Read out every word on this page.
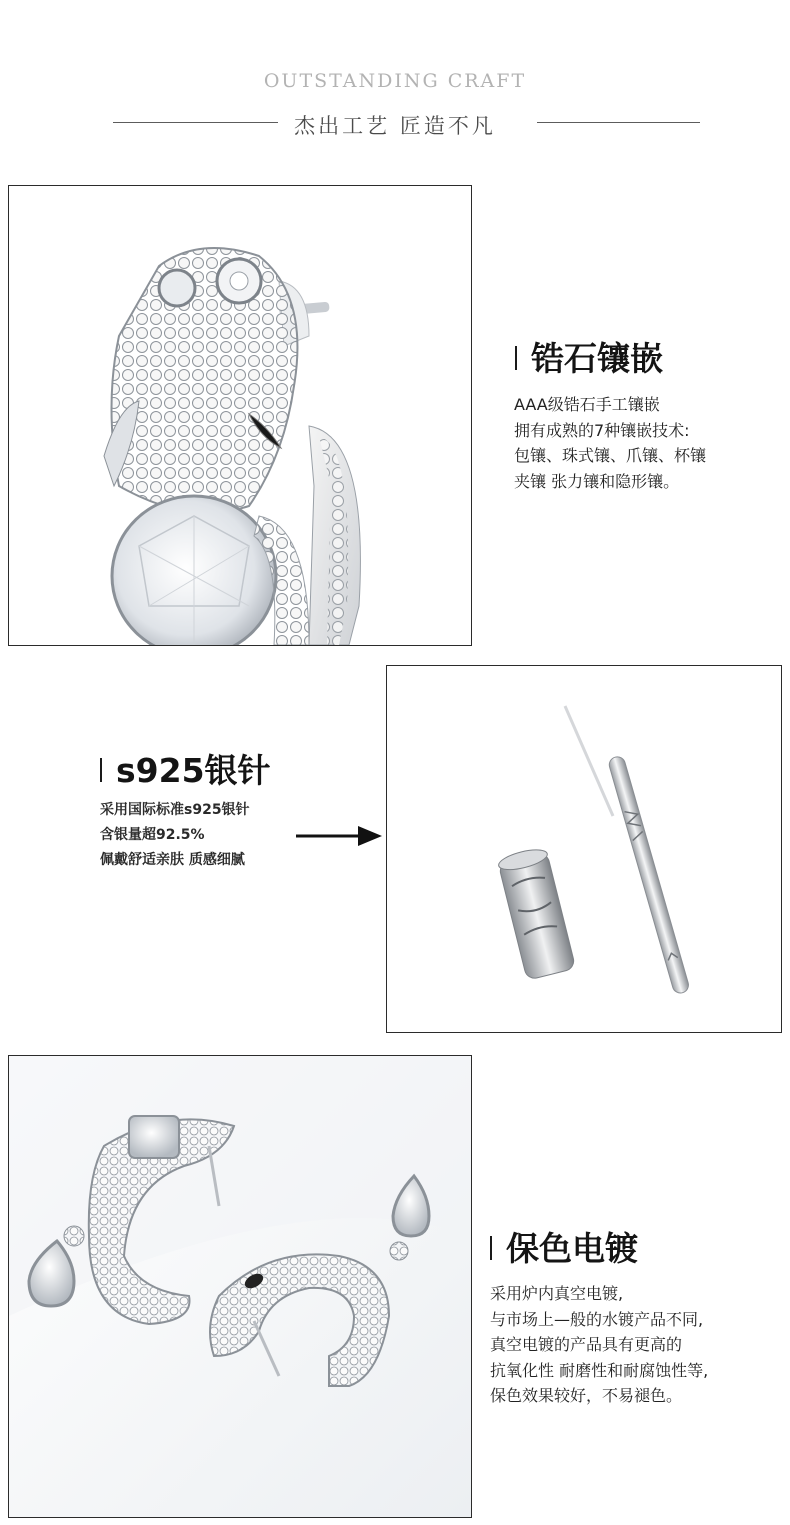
OUTSTANDING CRAFT
杰出工艺 匠造不凡
锆石镶嵌
AAA级锆石手工镶嵌
拥有成熟的7种镶嵌技术:
包镶、珠式镶、爪镶、杯镶
夹镶 张力镶和隐形镶。
s925银针
采用国际标准s925银针
含银量超92.5%
佩戴舒适亲肤 质感细腻
保色电镀
采用炉内真空电镀,
与市场上—般的水镀产品不同,
真空电镀的产品具有更高的
抗氧化性 耐磨性和耐腐蚀性等,
保色效果较好，不易褪色。
